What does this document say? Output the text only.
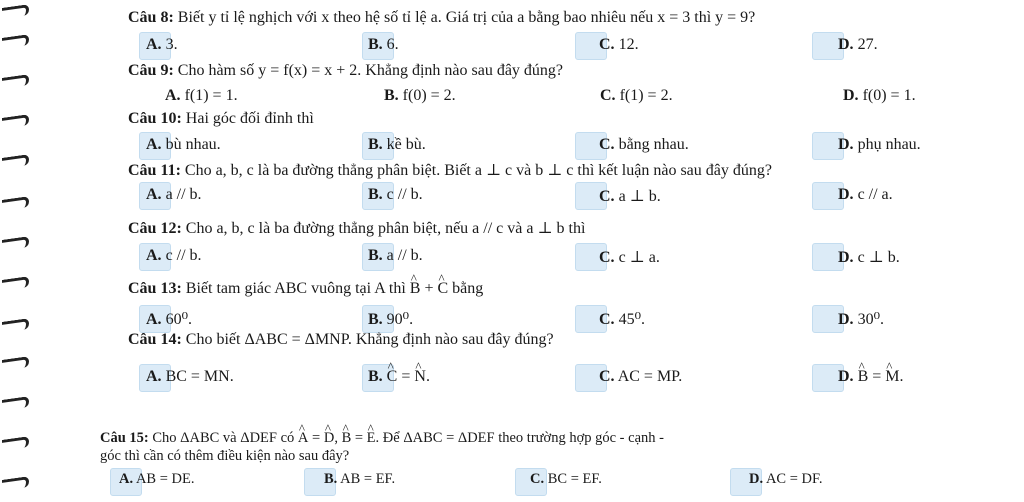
Câu 8: Biết y tỉ lệ nghịch với x theo hệ số tỉ lệ a. Giá trị của a bằng bao nhiêu nếu x = 3 thì y = 9?
A. 3.	B. 6.	C. 12.	D. 27.
Câu 9: Cho hàm số y = f(x) = x + 2. Khẳng định nào sau đây đúng?
A. f(1) = 1.	B. f(0) = 2.	C. f(1) = 2.	D. f(0) = 1.
Câu 10: Hai góc đối đỉnh thì
A. bù nhau.	B. kề bù.	C. bằng nhau.	D. phụ nhau.
Câu 11: Cho a, b, c là ba đường thẳng phân biệt. Biết a ⊥ c và b ⊥ c thì kết luận nào sau đây đúng?
A. a // b.	B. c // b.	C. a ⊥ b.	D. c // a.
Câu 12: Cho a, b, c là ba đường thẳng phân biệt, nếu a // c và a ⊥ b thì
A. c // b.	B. a // b.	C. c ⊥ a.	D. c ⊥ b.
Câu 13: Biết tam giác ABC vuông tại A thì ^ B + ^ C bằng
A. 60⁰.	B. 90⁰.	C. 45⁰.	D. 30⁰.
Câu 14: Cho biết ΔABC = ΔMNP. Khẳng định nào sau đây đúng?
A. BC = MN.	B. ^ C = ^ N.	C. AC = MP.	D. ^ B = ^ M.
Câu 15: Cho ΔABC và ΔDEF có ^ A = ^ D, ^ B = ^ E. Để ΔABC = ΔDEF theo trường hợp góc - cạnh -
góc thì cần có thêm điều kiện nào sau đây?
A. AB = DE.	B. AB = EF.	C. BC = EF.	D. AC = DF.
